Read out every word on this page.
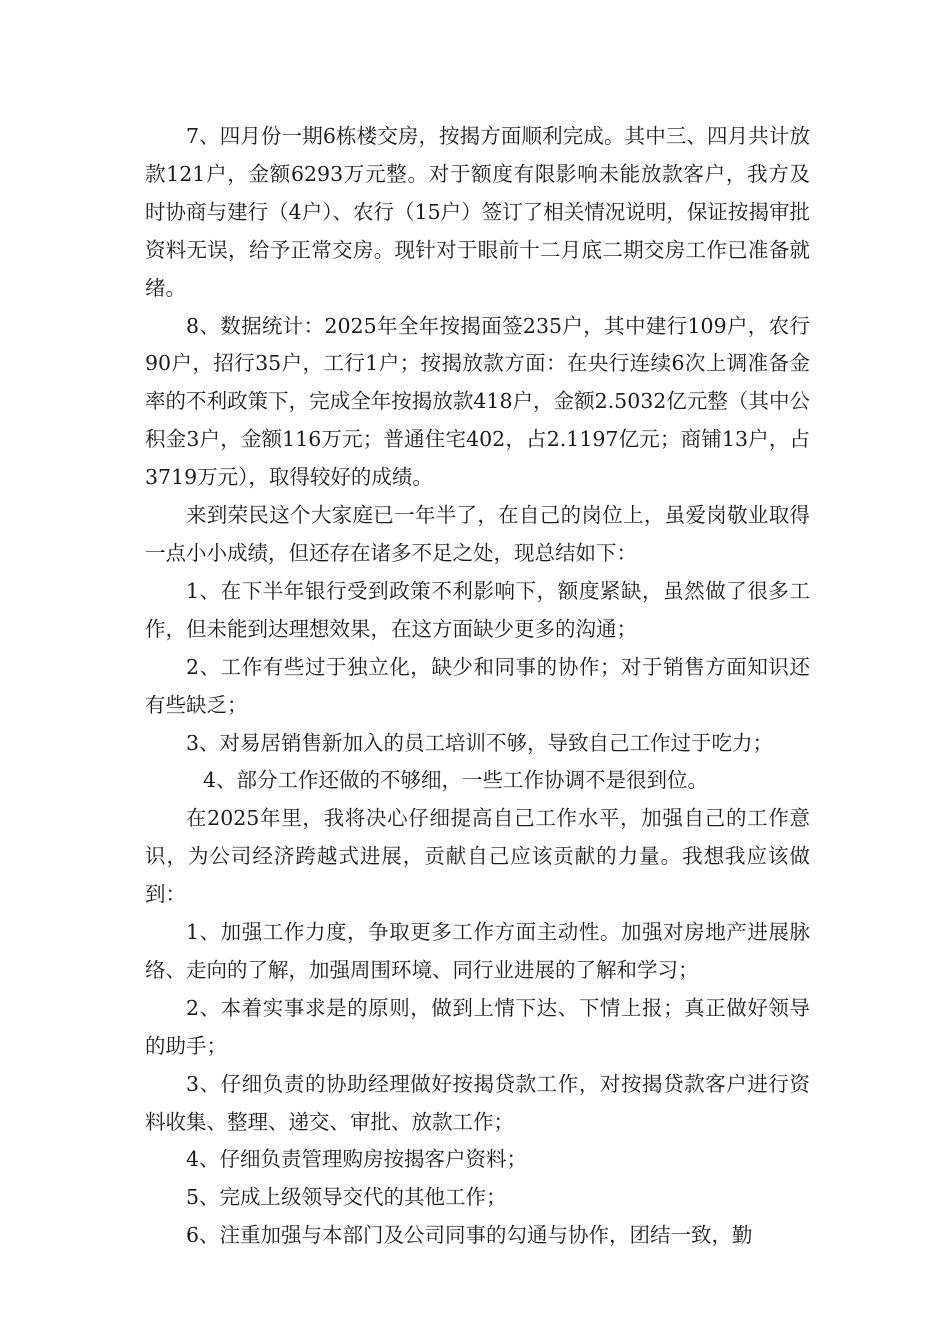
7、四月份一期6栋楼交房，按揭方面顺利完成。其中三、四月共计放款121户，金额6293万元整。对于额度有限影响未能放款客户，我方及时协商与建行（4户）、农行（15户）签订了相关情况说明，保证按揭审批资料无误，给予正常交房。现针对于眼前十二月底二期交房工作已准备就绪。

8、数据统计：2025年全年按揭面签235户，其中建行109户，农行90户，招行35户，工行1户；按揭放款方面：在央行连续6次上调准备金率的不利政策下，完成全年按揭放款418户，金额2.5032亿元整（其中公积金3户，金额116万元；普通住宅402，占2.1197亿元；商铺13户，占3719万元），取得较好的成绩。

来到荣民这个大家庭已一年半了，在自己的岗位上，虽爱岗敬业取得一点小小成绩，但还存在诸多不足之处，现总结如下：

1、在下半年银行受到政策不利影响下，额度紧缺，虽然做了很多工作，但未能到达理想效果，在这方面缺少更多的沟通；

2、工作有些过于独立化，缺少和同事的协作；对于销售方面知识还有些缺乏；

3、对易居销售新加入的员工培训不够，导致自己工作过于吃力；

4、部分工作还做的不够细，一些工作协调不是很到位。

在2025年里，我将决心仔细提高自己工作水平，加强自己的工作意识，为公司经济跨越式进展，贡献自己应该贡献的力量。我想我应该做到：

1、加强工作力度，争取更多工作方面主动性。加强对房地产进展脉络、走向的了解，加强周围环境、同行业进展的了解和学习；

2、本着实事求是的原则，做到上情下达、下情上报；真正做好领导的助手；

3、仔细负责的协助经理做好按揭贷款工作，对按揭贷款客户进行资料收集、整理、递交、审批、放款工作；

4、仔细负责管理购房按揭客户资料；

5、完成上级领导交代的其他工作；

6、注重加强与本部门及公司同事的勾通与协作，团结一致，勤
